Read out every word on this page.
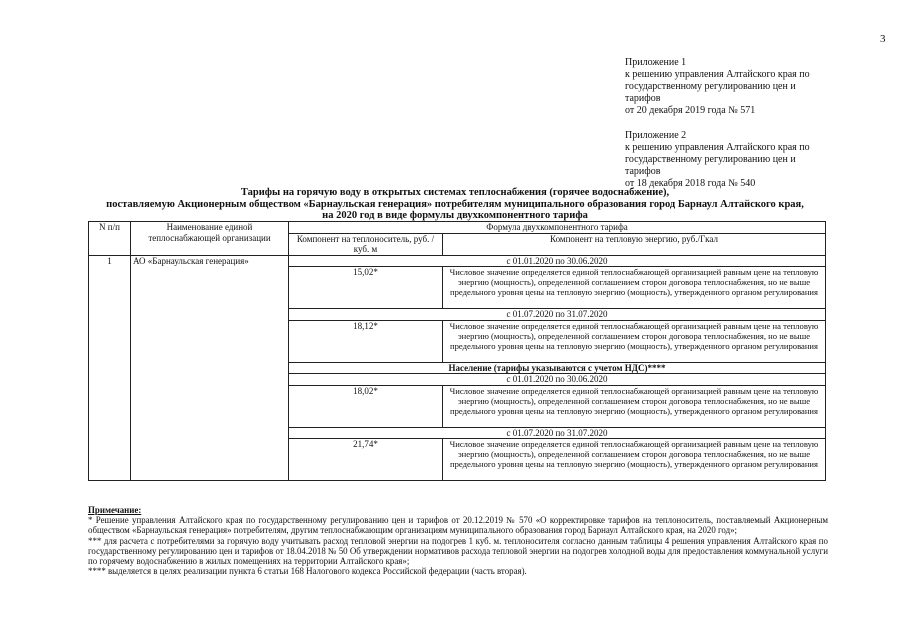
3
Приложение 1
к решению управления Алтайского края по
государственному регулированию цен и
тарифов
от 20 декабря 2019 года № 571
Приложение 2
к решению управления Алтайского края по
государственному регулированию цен и
тарифов
от 18 декабря 2018 года № 540
Тарифы на горячую воду в открытых системах теплоснабжения (горячее водоснабжение),
поставляемую Акционерным обществом «Барнаульская генерация» потребителям муниципального образования город Барнаул Алтайского края,
на 2020 год в виде формулы двухкомпонентного тарифа
N п/п	Наименование единой теплоснабжающей организации	Формула двухкомпонентного тарифа	
		Компонент на теплоноситель, руб. /куб. м	Компонент на тепловую энергию, руб./Гкал
1	АО «Барнаульская генерация»	с 01.01.2020 по 30.06.2020	
		15,02*	Числовое значение определяется единой теплоснабжающей организацией равным цене на тепловую энергию (мощность), определенной соглашением сторон договора теплоснабжения, но не выше предельного уровня цены на тепловую энергию (мощность), утвержденного органом регулирования
		с 01.07.2020 по 31.07.2020	
		18,12*	Числовое значение определяется единой теплоснабжающей организацией равным цене на тепловую энергию (мощность), определенной соглашением сторон договора теплоснабжения, но не выше предельного уровня цены на тепловую энергию (мощность), утвержденного органом регулирования
		Население (тарифы указываются с учетом НДС)****	
		с 01.01.2020 по 30.06.2020	
		18,02*	Числовое значение определяется единой теплоснабжающей организацией равным цене на тепловую энергию (мощность), определенной соглашением сторон договора теплоснабжения, но не выше предельного уровня цены на тепловую энергию (мощность), утвержденного органом регулирования
		с 01.07.2020 по 31.07.2020	
		21,74*	Числовое значение определяется единой теплоснабжающей организацией равным цене на тепловую энергию (мощность), определенной соглашением сторон договора теплоснабжения, но не выше предельного уровня цены на тепловую энергию (мощность), утвержденного органом регулирования

Примечание:

* Решение управления Алтайского края по государственному регулированию цен и тарифов от 20.12.2019 № 570 «О корректировке тарифов на теплоноситель, поставляемый Акционерным обществом «Барнаульская генерация» потребителям, другим теплоснабжающим организациям муниципального образования город Барнаул Алтайского края, на 2020 год»;

*** для расчета с потребителями за горячую воду учитывать расход тепловой энергии на подогрев 1 куб. м. теплоносителя согласно данным таблицы 4 решения управления Алтайского края по государственному регулированию цен и тарифов от 18.04.2018 № 50 Об утверждении нормативов расхода тепловой энергии на подогрев холодной воды для предоставления коммунальной услуги по горячему водоснабжению в жилых помещениях на территории Алтайского края»;

**** выделяется в целях реализации пункта 6 статьи 168 Налогового кодекса Российской федерации (часть вторая).
